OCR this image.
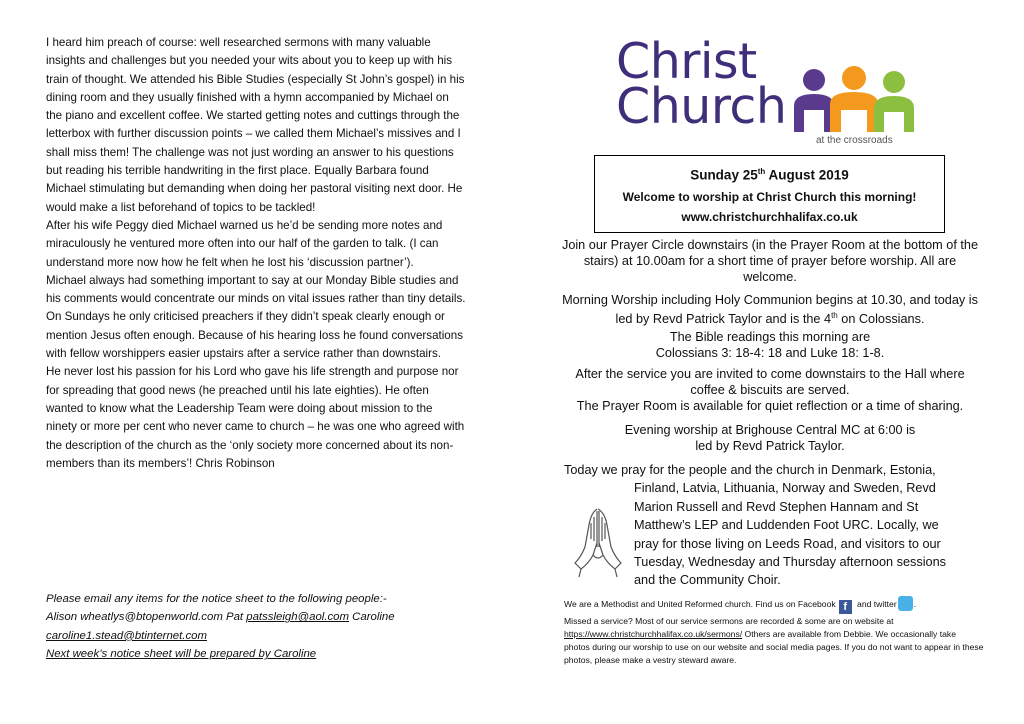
I heard him preach of course: well researched sermons with many valuable insights and challenges but you needed your wits about you to keep up with his train of thought. We attended his Bible Studies (especially St John’s gospel) in his dining room and they usually finished with a hymn accompanied by Michael on the piano and excellent coffee. We started getting notes and cuttings through the letterbox with further discussion points – we called them Michael’s missives and I shall miss them! The challenge was not just wording an answer to his questions but reading his terrible handwriting in the first place. Equally Barbara found Michael stimulating but demanding when doing her pastoral visiting next door. He would make a list beforehand of topics to be tackled!

After his wife Peggy died Michael warned us he’d be sending more notes and miraculously he ventured more often into our half of the garden to talk. (I can understand more now how he felt when he lost his ‘discussion partner’).

Michael always had something important to say at our Monday Bible studies and his comments would concentrate our minds on vital issues rather than tiny details. On Sundays he only criticised preachers if they didn’t speak clearly enough or mention Jesus often enough. Because of his hearing loss he found conversations with fellow worshippers easier upstairs after a service rather than downstairs.

He never lost his passion for his Lord who gave his life strength and purpose nor for spreading that good news (he preached until his late eighties). He often wanted to know what the Leadership Team were doing about mission to the ninety or more per cent who never came to church – he was one who agreed with the description of the church as the ‘only society more concerned about its non-members than its members’! Chris Robinson

Please email any items for the notice sheet to the following people:-

Alison wheatlys@btopenworld.com Pat patssleigh@aol.com Caroline

caroline1.stead@btinternet.com

Next week’s notice sheet will be prepared by Caroline

Christ
Church
at the crossroads
Sunday 25th August 2019
Welcome to worship at Christ Church this morning!
www.christchurchhalifax.co.uk

Join our Prayer Circle downstairs (in the Prayer Room at the bottom of the stairs) at 10.00am for a short time of prayer before worship. All are welcome.

Morning Worship including Holy Communion begins at 10.30, and today is led by Revd Patrick Taylor and is the 4th on Colossians.

The Bible readings this morning are

Colossians 3: 18-4: 18 and Luke 18: 1-8.

After the service you are invited to come downstairs to the Hall where coffee & biscuits are served.

The Prayer Room is available for quiet reflection or a time of sharing.

Evening worship at Brighouse Central MC at 6:00 is led by Revd Patrick Taylor.

Today we pray for the people and the church in Denmark, Estonia,
Finland, Latvia, Lithuania, Norway and Sweden, Revd
Marion Russell and Revd Stephen Hannam and St
Matthew’s LEP and Luddenden Foot URC. Locally, we
pray for those living on Leeds Road, and visitors to our
Tuesday, Wednesday and Thursday afternoon sessions
and the Community Choir.

We are a Methodist and United Reformed church. Find us on Facebook f and twitter .

Missed a service? Most of our service sermons are recorded & some are on website at

https://www.christchurchhalifax.co.uk/sermons/ Others are available from Debbie. We occasionally take photos during our worship to use on our website and social media pages. If you do not want to appear in these photos, please make a vestry steward aware.
